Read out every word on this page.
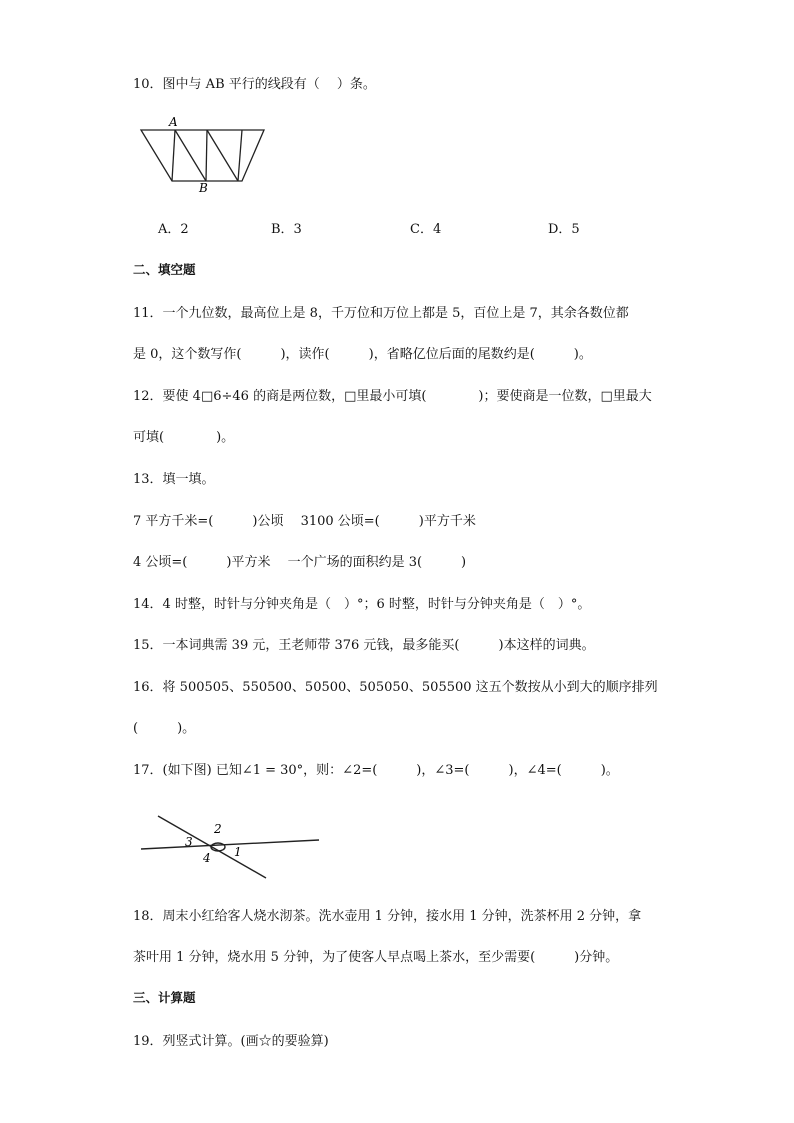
10．图中与 AB 平行的线段有（　 ）条。
A
B
A．2	B．3	C．4	D．5
二、填空题
11．一个九位数，最高位上是 8，千万位和万位上都是 5，百位上是 7，其余各数位都
是 0，这个数写作(　　　)，读作(　　　)，省略亿位后面的尾数约是(　　　)。
12．要使 4□6÷46 的商是两位数，□里最小可填(　　　　)；要使商是一位数，□里最大
可填(　　　　)。
13．填一填。
7 平方千米=(　　　)公顷　 3100 公顷=(　　　)平方千米
4 公顷=(　　　)平方米　 一个广场的面积约是 3(　　　)
14．4 时整，时针与分钟夹角是（　）°；6 时整，时针与分钟夹角是（　）°。
15．一本词典需 39 元，王老师带 376 元钱，最多能买(　　　)本这样的词典。
16．将 500505、550500、50500、505050、505500 这五个数按从小到大的顺序排列
(　　　)。
17．(如下图) 已知∠1 = 30°，则：∠2=(　　　)，∠3=(　　　)，∠4=(　　　)。
3
2
4 1
18．周末小红给客人烧水沏茶。洗水壶用 1 分钟，接水用 1 分钟，洗茶杯用 2 分钟，拿
茶叶用 1 分钟，烧水用 5 分钟，为了使客人早点喝上茶水，至少需要(　　　)分钟。
三、计算题
19．列竖式计算。(画☆的要验算)
